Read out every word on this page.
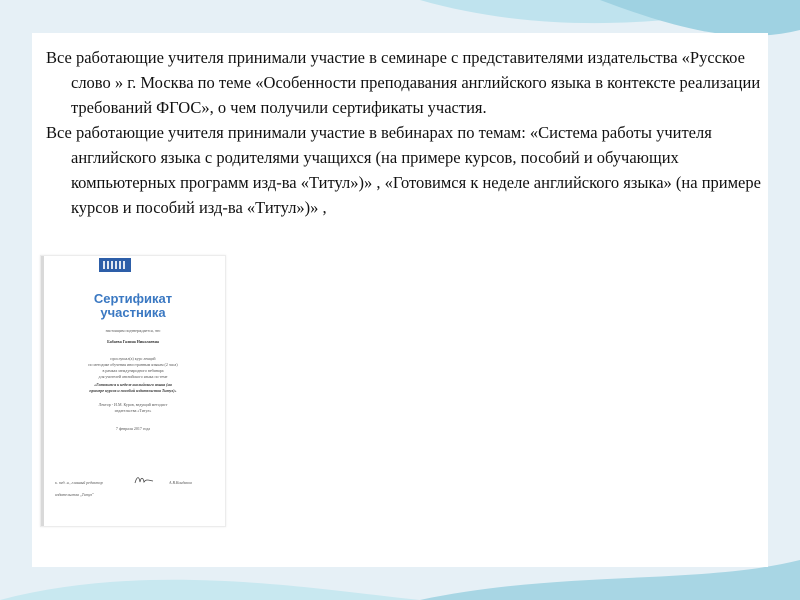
Все работающие учителя принимали участие в семинаре с представителями издательства «Русское слово » г. Москва по теме «Особенности преподавания английского языка в контексте реализации требований ФГОС», о чем получили сертификаты участия.

Все работающие учителя принимали участие в вебинарах по темам: «Система работы учителя английского языка с родителями учащихся (на примере курсов, пособий и обучающих компьютерных программ изд-ва «Титул»)» , «Готовимся к неделе английского языка» (на примере курсов и пособий изд-ва «Титул»)» ,

Сертификат
участника
настоящим подтверждается, что
Бабаева Галина Николаевна
прослушал(а) курс лекций
по методике обучения иностранным языкам (2 часа)
в рамках международного вебинара
для учителей английского языка по теме
«Готовимся к неделе английского языка (на
примере курсов и пособий издательства Титул)»
Лектор - И.М. Куров, ведущий методист
издательства «Титул»
7 февраля 2017 года
к. пед. н., главный редактор	А.В.Кондаков
издательства „Титул"
